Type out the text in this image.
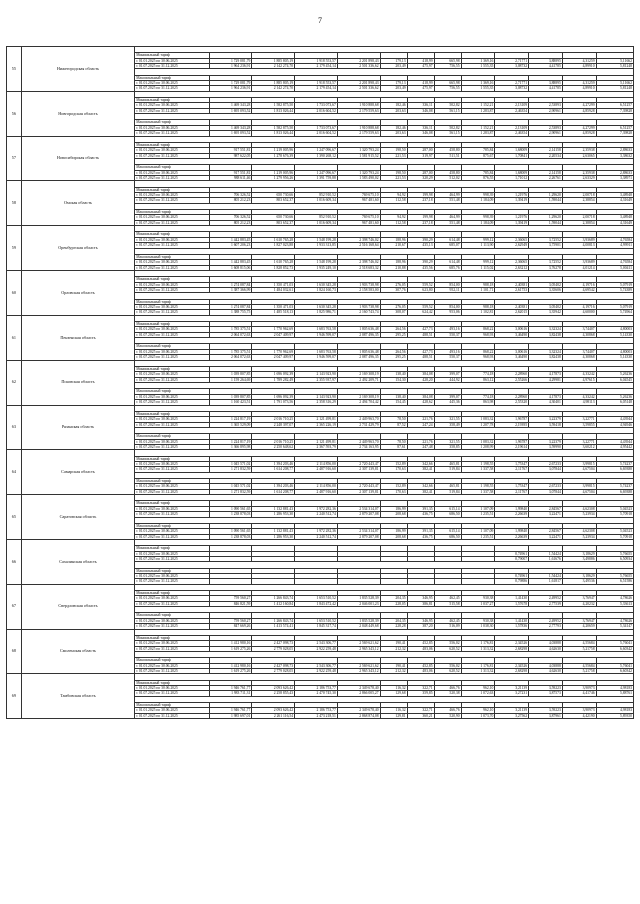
7
55	Нижегородская область													
		Минимальный тариф												
		с 01.01.2025 по 30.06.2025	1 729 081,79	1 885 805,19	1 918 553,57	2 201 898,43	179,13	418,99	665,98	1 369,16	2,71771	3,88895	4,31259	5,11662
		с 01.07.2025 по 31.12.2025	1 964 236,91	2 142 274,70	2 179 454,14	2 501 336,62	203,49	475,97	756,55	1 555,35	3,08732	4,41785	4,89910	5,81248

		Максимальный тариф												
		с 01.01.2025 по 30.06.2025	1 729 081,79	1 885 805,19	1 918 553,57	2 201 898,43	179,13	418,99	665,98	1 369,16	2,71771	3,88895	4,31259	5,11662
		с 01.07.2025 по 31.12.2025	1 964 236,91	2 142 274,70	2 179 454,14	2 501 336,62	203,49	475,97	756,55	1 555,35	3,08732	4,41785	4,89910	5,81248
56	Новгородская область													
		Минимальный тариф												
		с 01.01.2025 по 30.06.2025	1 469 343,28	1 582 875,50	1 733 073,67	1 910 888,68	182,46	336,11	502,82	1 152,21	2,13109	2,53893	4,27299	6,51257
		с 01.07.2025 по 31.12.2025	1 695 093,52	1 813 026,44	2 016 604,52	2 179 559,63	203,63	346,08	561,15	1 283,87	2,46354	2,90961	4,85928	7,39828

		Максимальный тариф												
		с 01.01.2025 по 30.06.2025	1 469 343,28	1 582 875,50	1 733 073,67	1 910 888,68	182,46	336,11	502,82	1 152,21	2,13109	2,53893	4,27299	6,51257
		с 01.07.2025 по 31.12.2025	1 695 093,52	1 813 026,44	2 016 604,52	2 179 559,63	203,63	346,08	561,15	1 283,87	2,46354	2,90961	4,85928	7,39828
57	Новосибирская область													
		Минимальный тариф												
		с 01.01.2025 по 30.06.2025	917 551,81	1 219 005,96	1 247 096,67	1 320 793,24	198,50	287,00	458,80	785,84	1,68009	2,14158	2,35938	2,88633
		с 01.07.2025 по 31.12.2025	987 622,05	1 278 676,39	1 390 268,12	1 581 915,52	221,53	319,97	511,51	875,67	1,70841	2,20534	2,63065	3,38632

		Максимальный тариф												
		с 01.01.2025 по 30.06.2025	917 551,81	1 219 005,96	1 247 096,67	1 320 793,24	198,50	287,00	458,80	785,84	1,68009	2,14158	2,35938	2,88633
		с 01.07.2025 по 31.12.2025	988 611,46	1 279 956,26	1 391 759,88	1 583 490,02	221,53	320,29	512,02	876,55	1,71012	2,26761	2,63329	3,38971
58	Омская область													
		Минимальный тариф												
		с 01.01.2025 по 30.06.2025	706 326,52	650 730,66	852 910,52	769 675,10	94,92	199,98	464,99	998,39	1,21976	1,29620	2,00718	3,48948
		с 01.07.2025 по 31.12.2025	805 212,23	803 652,37	1 016 609,34	967 481,60	112,58	237,18	551,48	1 184,09	1,39419	1,59044	2,38854	4,31649

		Максимальный тариф												
		с 01.01.2025 по 30.06.2025	706 326,52	650 730,66	852 910,52	769 675,10	94,92	199,98	464,99	998,39	1,21976	1,29620	2,00718	3,48948
		с 01.07.2025 по 31.12.2025	805 212,23	803 652,37	1 016 609,34	967 481,60	112,58	237,18	551,48	1 184,09	1,39419	1,59044	2,38854	4,31649
59	Оренбургская область													
		Минимальный тариф												
		с 01.01.2025 по 30.06.2025	1 442 883,45	1 610 765,28	1 548 199,28	2 398 746,02	188,96	390,29	614,48	999,12	2,36065	3,72552	3,93689	4,76584
		с 01.07.2025 по 31.12.2025	1 607 206,23	1 827 023,88	1 933 313,85	2 516 168,64	210,67	435,13	685,07	1 113,90	2,62949	3,75901	4,00813	4,99911

		Максимальный тариф												
		с 01.01.2025 по 30.06.2025	1 442 883,45	1 610 765,28	1 548 199,28	2 398 746,02	188,96	390,29	614,48	999,12	2,36065	3,72552	3,93689	4,76584
		с 01.07.2025 по 31.12.2025	1 608 815,06	1 828 852,73	1 935 249,10	2 518 683,32	210,88	435,56	685,76	1 115,02	2,63212	3,76278	4,01214	5,00411
60	Орловская область													
		Минимальный тариф												
		с 01.01.2025 по 30.06.2025	1 274 087,84	1 350 471,03	1 630 345,28	1 903 738,98	276,05	559,52	854,00	988,18	2,40381	3,05402	4,19716	5,07919
		с 01.07.2025 по 31.12.2025	1 387 366,99	1 484 032,61	1 824 160,73	2 158 583,00	307,76	623,80	952,11	1 101,71	2,61753	3,35606	4,69542	5,74389

		Максимальный тариф												
		с 01.01.2025 по 30.06.2025	1 274 087,84	1 350 471,03	1 630 345,28	1 903 738,98	276,05	559,52	854,00	988,18	2,40381	3,05402	4,19716	5,07919
		с 01.07.2025 по 31.12.2025	1 388 755,75	1 485 518,13	1 825 986,71	2 160 743,74	308,07	624,42	953,06	1 102,81	2,62015	3,35942	4,60000	5,74964
61	Пензенская область													
		Минимальный тариф												
		с 01.01.2025 по 30.06.2025	1 785 375,51	1 770 962,69	1 683 763,58	1 805 636,48	264,56	427,73	493,16	868,22	3,00616	3,32324	3,74407	4,80003
		с 01.07.2025 по 31.12.2025	2 064 072,63	2 047 409,97	1 946 599,07	2 087 496,35	295,25	488,51	550,37	968,93	3,46490	3,82438	4,30868	5,14330

		Максимальный тариф												
		с 01.01.2025 по 30.06.2025	1 785 375,51	1 770 962,69	1 683 763,58	1 805 636,48	264,56	427,73	493,16	868,22	3,00616	3,32324	3,74407	4,80003
		с 01.07.2025 по 31.12.2025	2 064 072,63	2 047 409,97	1 946 599,07	2 087 496,35	295,25	488,51	550,37	968,93	3,46490	3,82438	4,30868	5,14330
62	Псковская область													
		Минимальный тариф												
		с 01.01.2025 по 30.06.2025	1 039 807,85	1 696 092,39	2 143 923,90	2 169 308,19	138,40	384,08	399,07	774,18	2,28960	4,17873	4,33242	5,26236
		с 01.07.2025 по 31.12.2025	1 159 264,69	1 789 282,49	2 355 937,97	2 492 209,71	154,30	428,20	444,92	863,12	2,55266	4,29981	4,97615	6,04545

		Максимальный тариф												
		с 01.01.2025 по 30.06.2025	1 039 807,85	1 696 092,39	2 143 923,90	2 169 308,19	138,40	384,08	399,07	774,18	2,28960	4,17873	4,33242	5,26236
		с 01.07.2025 по 31.12.2025	1 160 423,51	1 791 073,56	2 358 316,29	2 494 704,42	154,45	428,62	445,36	863,98	2,55320	4,30401	4,98113	6,05148
63	Рязанская область													
		Минимальный тариф												
		с 01.01.2025 по 30.06.2025	1 224 817,19	2 016 710,25	2 121 499,81	2 449 963,70	78,50	221,76	321,55	1 083,32	1,96787	3,22379	3,22771	4,43944
		с 01.07.2025 по 31.12.2025	1 365 529,09	2 248 397,07	2 365 226,19	2 731 429,79	87,52	247,24	358,49	1 207,78	2,19395	3,59418	3,59855	4,94946

		Максимальный тариф												
		с 01.01.2025 по 30.06.2025	1 224 817,19	2 016 710,25	2 121 499,81	2 449 963,70	78,50	221,76	321,55	1 083,32	1,96787	3,22379	3,22771	4,43944
		с 01.07.2025 по 31.12.2025	1 366 895,98	2 250 648,62	2 367 593,79	2 734 163,95	87,61	247,48	358,85	1 208,99	2,19614	3,59990	3,60212	4,95442
64	Самарская область													
		Минимальный тариф												
		с 01.01.2025 по 30.06.2025	1 045 571,02	1 394 203,46	2 114 856,00	2 720 443,47	152,89	342,66	465,81	1 198,55	1,75347	2,67233	3,99815	5,74237
		с 01.07.2025 по 31.12.2025	1 271 832,59	1 614 208,77	2 487 916,60	2 307 139,81	170,63	382,41	519,84	1 337,58	2,11767	3,07844	4,67504	6,69388

		Максимальный тариф												
		с 01.01.2025 по 30.06.2025	1 045 571,02	1 394 203,46	2 114 856,00	2 720 443,47	152,89	342,66	465,81	1 198,55	1,75347	2,67233	3,99815	5,74237
		с 01.07.2025 по 31.12.2025	1 271 832,59	1 614 208,77	2 487 916,60	2 307 139,81	170,63	382,41	519,84	1 337,58	2,11767	3,07844	4,67504	6,69388
65	Саратовская область													
		Минимальный тариф												
		с 01.01.2025 по 30.06.2025	1 090 561,65	1 132 881,43	1 972 282,36	2 534 314,07	186,99	391,35	615,14	1 107,09	1,99840	2,84567	4,62308	5,04523
		с 01.07.2025 по 31.12.2025	1 238 878,03	1 286 953,30	2 240 512,74	2 879 207,08	208,68	436,75	686,50	1 235,51	2,26639	3,22471	5,23934	5,70918

		Максимальный тариф												
		с 01.01.2025 по 30.06.2025	1 090 561,65	1 132 881,43	1 972 282,36	2 534 314,07	186,99	391,35	615,14	1 107,09	1,99840	2,84567	4,62308	5,04523
		с 01.07.2025 по 31.12.2025	1 238 878,03	1 286 953,30	2 240 512,74	2 879 207,08	208,68	436,75	686,50	1 235,51	2,26639	3,22471	5,23934	5,70918
66	Сахалинская область													
		Минимальный тариф												
		с 01.01.2025 по 30.06.2025									0,74961	1,54424	3,18629	5,76655
		с 01.07.2025 по 31.12.2025									0,79007	1,61676	3,49886	6,50934

		Максимальный тариф												
		с 01.01.2025 по 30.06.2025									0,74961	1,54424	3,18629	5,76655
		с 01.07.2025 по 31.12.2025									0,79886	1,61817	3,49536	6,51586
67	Свердловская область													
		Минимальный тариф												
		с 01.01.2025 по 30.06.2025	759 560,27	1 266 843,74	1 653 510,52	1 835 528,39	204,35	346,95	462,45	930,38	1,41430	2,49952	3,76947	4,78626
		с 01.07.2025 по 31.12.2025	846 821,59	1 412 160,84	1 843 472,42	2 046 001,23	228,05	386,81	515,58	1 037,27	1,57678	2,77539	4,20232	5,33613

		Максимальный тариф												
		с 01.01.2025 по 30.06.2025	759 560,27	1 266 843,74	1 653 510,52	1 835 528,39	204,35	346,95	462,45	930,38	1,41430	2,49952	3,76947	4,78626
		с 01.07.2025 по 31.12.2025	847 669,26	1 413 574,41	1 845 317,74	2 048 449,68	228,28	387,20	516,09	1 038,30	1,57836	2,77793	4,20659	5,34147
68	Смоленская область													
		Минимальный тариф												
		с 01.01.2025 по 30.06.2025	1 412 980,16	2 427 098,73	2 543 306,77	2 569 621,62	190,41	452,85	556,02	1 176,81	2,34526	4,03888	4,55684	5,76041
		с 01.07.2025 по 31.12.2025	1 619 275,26	2 779 028,05	2 922 259,48	2 965 343,12	212,32	483,06	620,52	1 313,32	2,68298	4,62630	5,21758	6,60342

		Максимальный тариф												
		с 01.01.2025 по 30.06.2025	1 412 980,16	2 427 098,73	2 543 306,77	2 569 621,62	190,41	452,85	556,02	1 176,81	2,34526	4,03888	4,55684	5,76041
		с 01.07.2025 по 31.12.2025	1 619 275,26	2 779 028,05	2 922 259,48	2 965 343,12	212,32	483,06	620,52	1 313,32	2,68298	4,62630	5,21758	6,60342
69	Тамбовская область													
		Минимальный тариф												
		с 01.01.2025 по 30.06.2025	1 946 761,77	2 093 626,42	2 186 753,77	2 349 678,40	116,32	322,71	466,76	962,10	3,21139	3,59223	3,90973	4,98183
		с 01.07.2025 по 31.12.2025	1 983 711,31	2 258 855,43	2 470 745,30	2 866 005,27	129,68	359,85	520,38	1 072,63	3,27231	3,87573	4,41746	5,88761

		Максимальный тариф												
		с 01.01.2025 по 30.06.2025	1 946 761,77	2 093 626,42	2 186 753,77	2 349 678,40	116,32	322,71	466,76	962,10	3,21139	3,59223	3,90973	4,98183
		с 01.07.2025 по 31.12.2025	1 985 697,01	2 261 116,54	2 473 218,51	2 868 874,08	129,81	360,21	520,90	1 073,70	3,27562	3,87961	4,42190	5,89350
